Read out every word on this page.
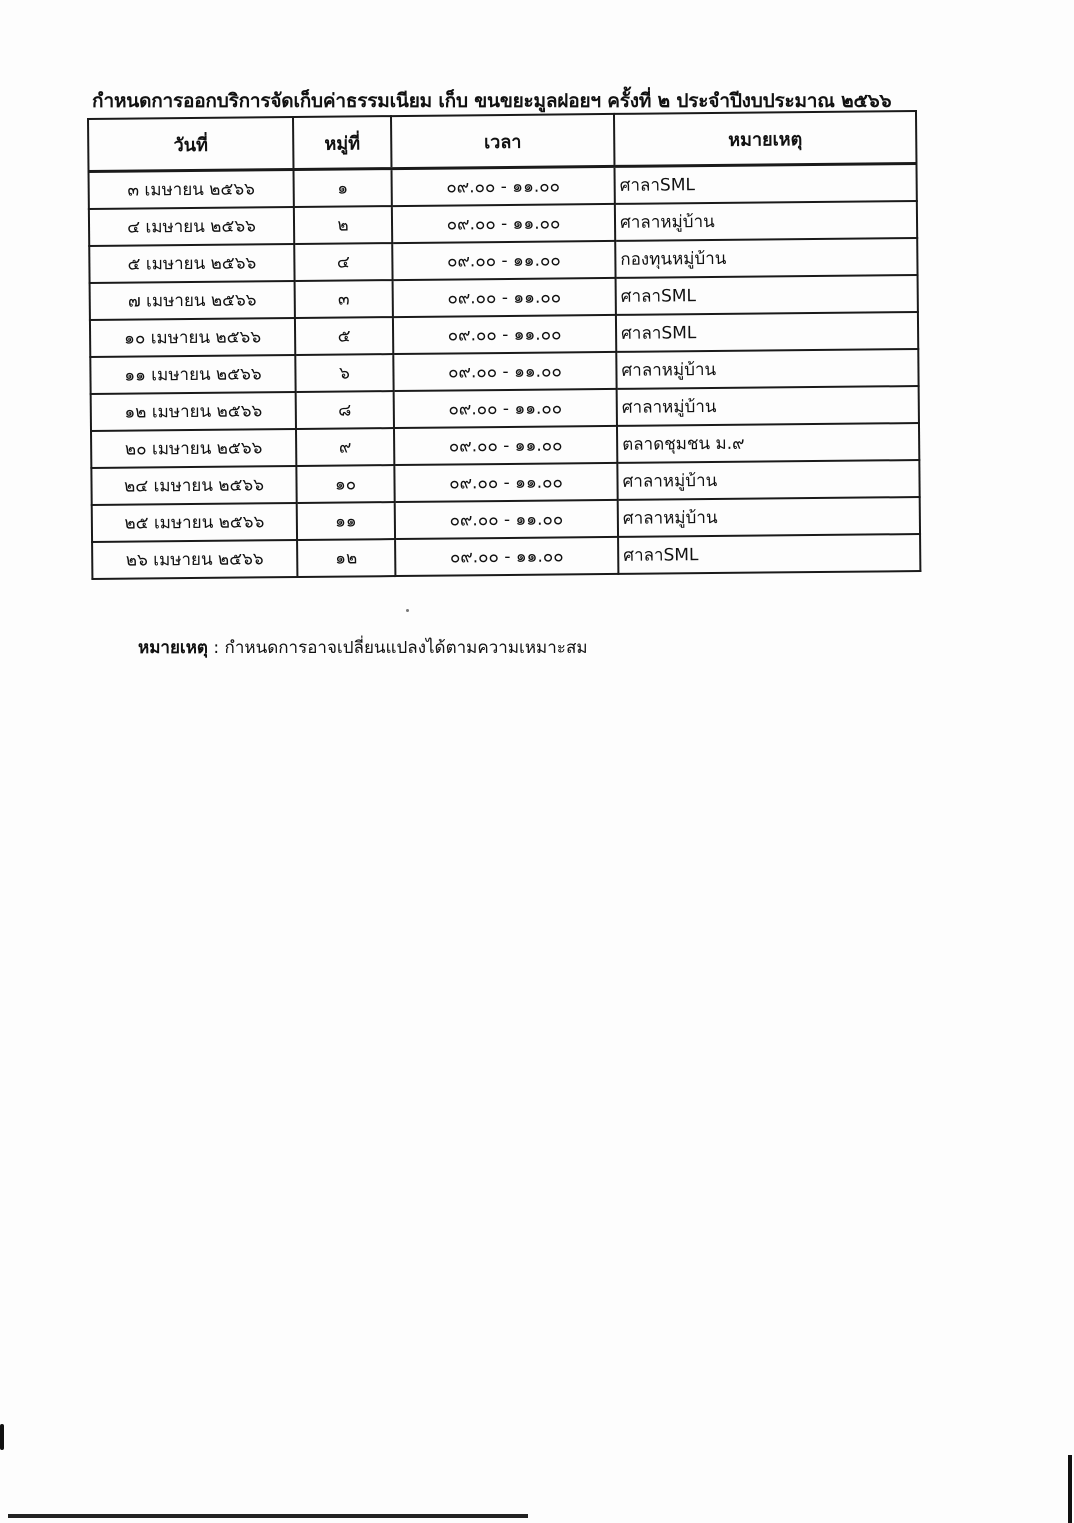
กำหนดการออกบริการจัดเก็บค่าธรรมเนียม เก็บ ขนขยะมูลฝอยฯ ครั้งที่ ๒ ประจำปีงบประมาณ ๒๕๖๖
วันที่	หมู่ที่	เวลา	หมายเหตุ
๓ เมษายน ๒๕๖๖	๑	๐๙.๐๐ - ๑๑.๐๐	ศาลาSML
๔ เมษายน ๒๕๖๖	๒	๐๙.๐๐ - ๑๑.๐๐	ศาลาหมู่บ้าน
๕ เมษายน ๒๕๖๖	๔	๐๙.๐๐ - ๑๑.๐๐	กองทุนหมู่บ้าน
๗ เมษายน ๒๕๖๖	๓	๐๙.๐๐ - ๑๑.๐๐	ศาลาSML
๑๐ เมษายน ๒๕๖๖	๕	๐๙.๐๐ - ๑๑.๐๐	ศาลาSML
๑๑ เมษายน ๒๕๖๖	๖	๐๙.๐๐ - ๑๑.๐๐	ศาลาหมู่บ้าน
๑๒ เมษายน ๒๕๖๖	๘	๐๙.๐๐ - ๑๑.๐๐	ศาลาหมู่บ้าน
๒๐ เมษายน ๒๕๖๖	๙	๐๙.๐๐ - ๑๑.๐๐	ตลาดชุมชน ม.๙
๒๔ เมษายน ๒๕๖๖	๑๐	๐๙.๐๐ - ๑๑.๐๐	ศาลาหมู่บ้าน
๒๕ เมษายน ๒๕๖๖	๑๑	๐๙.๐๐ - ๑๑.๐๐	ศาลาหมู่บ้าน
๒๖ เมษายน ๒๕๖๖	๑๒	๐๙.๐๐ - ๑๑.๐๐	ศาลาSML
หมายเหตุ : กำหนดการอาจเปลี่ยนแปลงได้ตามความเหมาะสม
